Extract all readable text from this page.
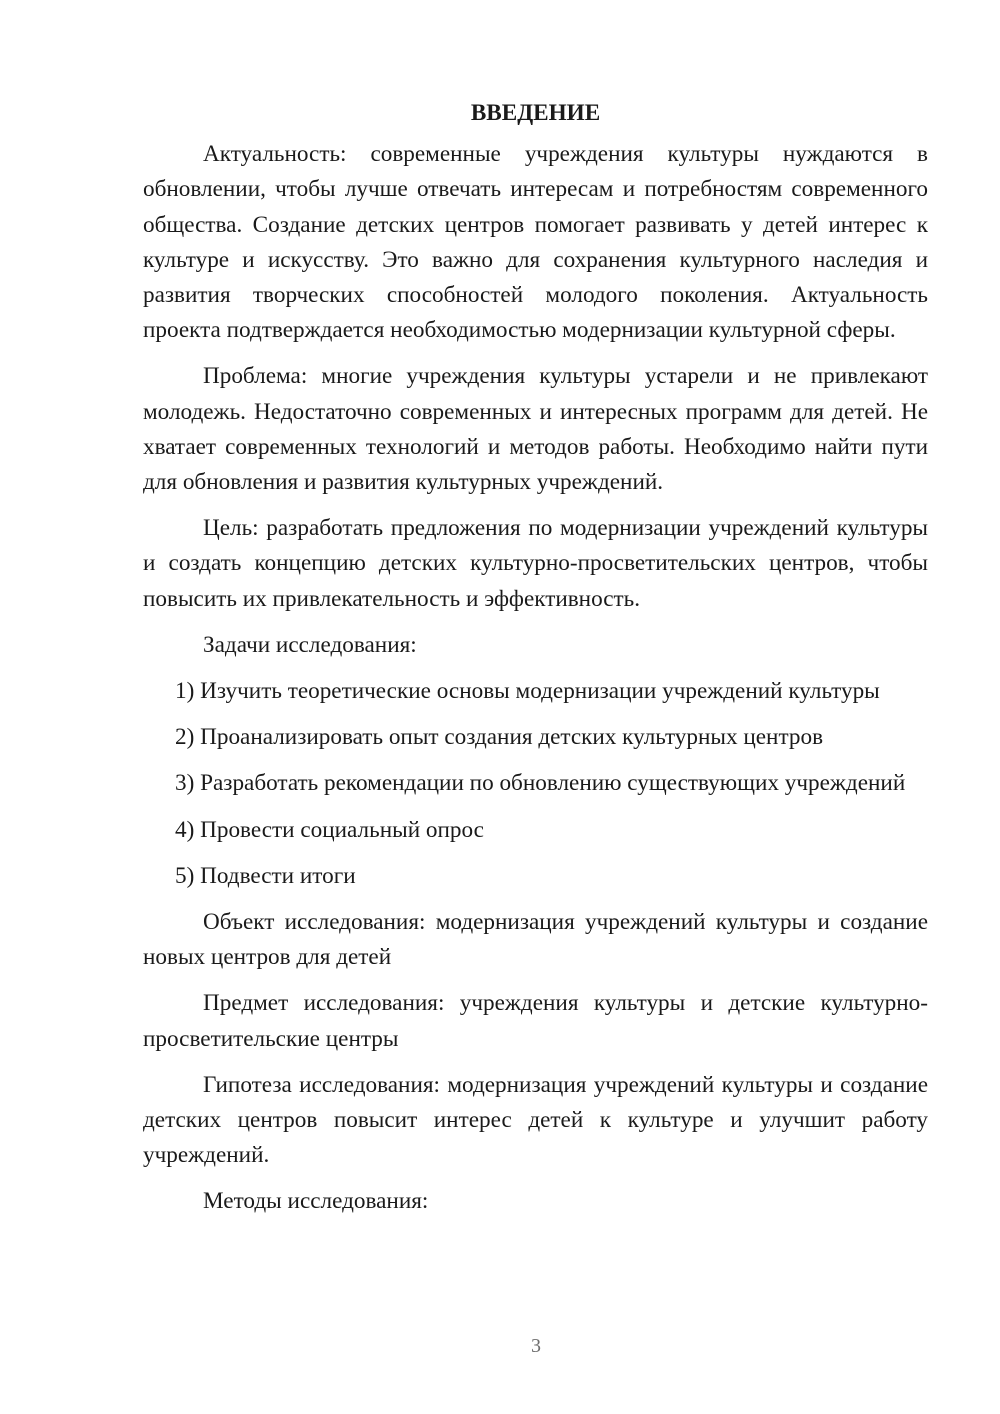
ВВЕДЕНИЕ

Актуальность: современные учреждения культуры нуждаются в обновлении, чтобы лучше отвечать интересам и потребностям современного общества. Создание детских центров помогает развивать у детей интерес к культуре и искусству. Это важно для сохранения культурного наследия и развития творческих способностей молодого поколения. Актуальность проекта подтверждается необходимостью модернизации культурной сферы.

Проблема: многие учреждения культуры устарели и не привлекают молодежь. Недостаточно современных и интересных программ для детей. Не хватает современных технологий и методов работы. Необходимо найти пути для обновления и развития культурных учреждений.

Цель: разработать предложения по модернизации учреждений культуры и создать концепцию детских культурно-просветительских центров, чтобы повысить их привлекательность и эффективность.

Задачи исследования:

1) Изучить теоретические основы модернизации учреждений культуры

2) Проанализировать опыт создания детских культурных центров

3) Разработать рекомендации по обновлению существующих учреждений

4) Провести социальный опрос

5) Подвести итоги

Объект исследования: модернизация учреждений культуры и создание новых центров для детей

Предмет исследования: учреждения культуры и детские культурно-просветительские центры

Гипотеза исследования: модернизация учреждений культуры и создание детских центров повысит интерес детей к культуре и улучшит работу учреждений.

Методы исследования:

3
